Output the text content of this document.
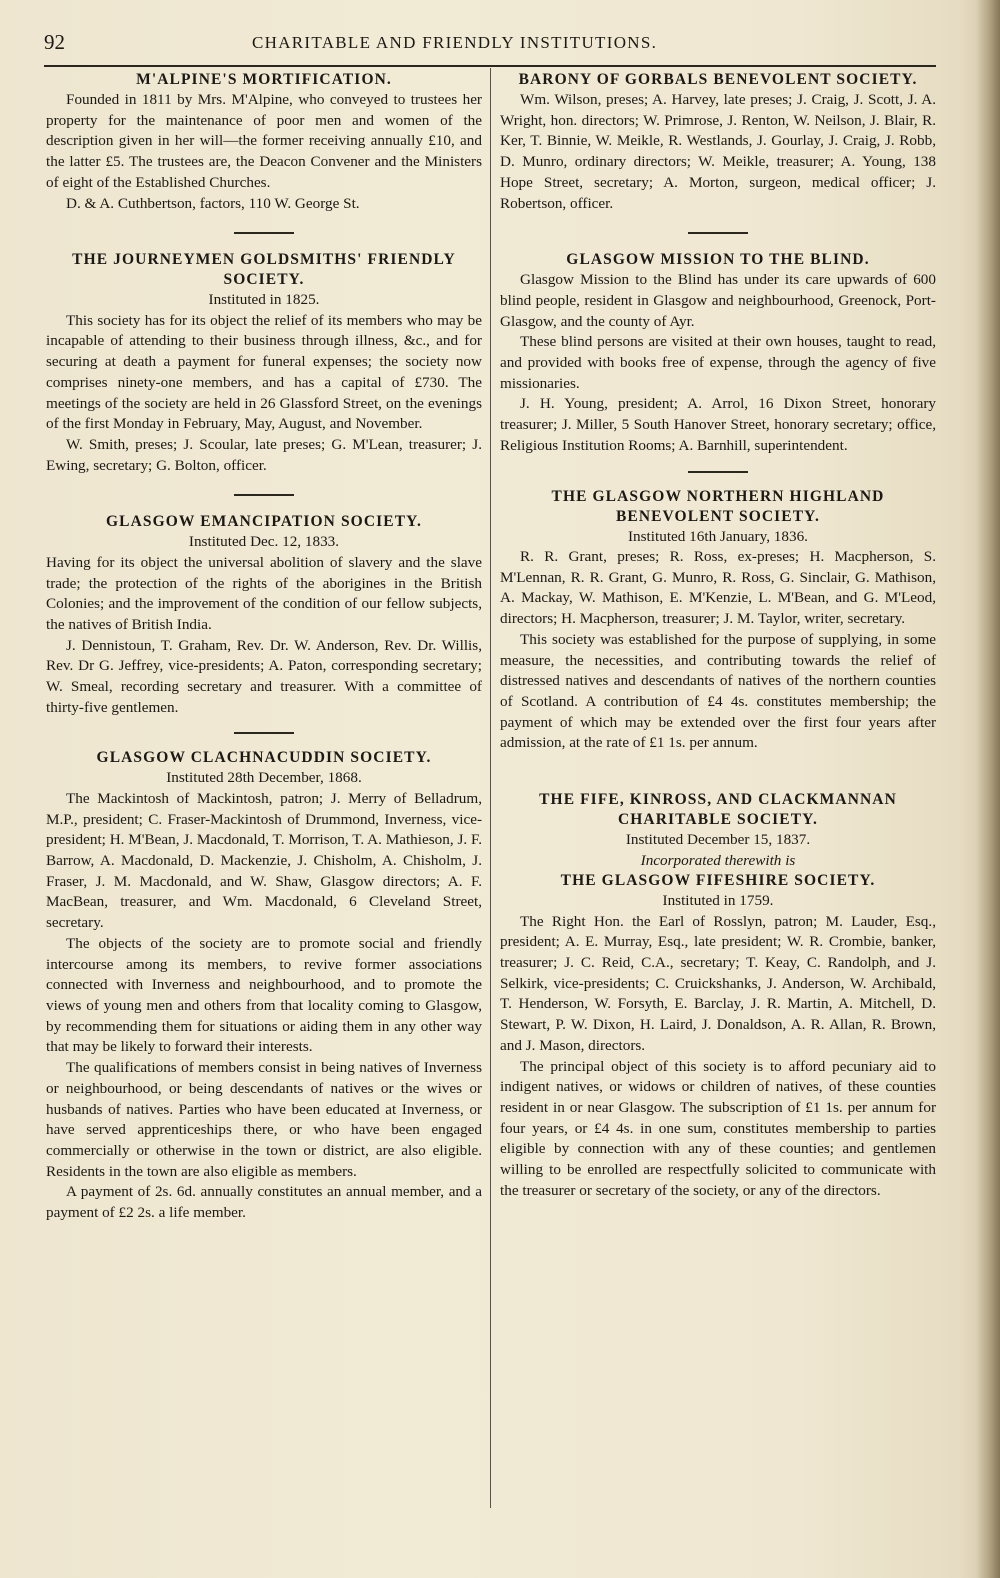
92	CHARITABLE AND FRIENDLY INSTITUTIONS.
M'ALPINE'S MORTIFICATION.

Founded in 1811 by Mrs. M'Alpine, who conveyed to trustees her property for the maintenance of poor men and women of the description given in her will—the former receiving annually £10, and the latter £5. The trustees are, the Deacon Convener and the Ministers of eight of the Established Churches.

D. & A. Cuthbertson, factors, 110 W. George St.

THE JOURNEYMEN GOLDSMITHS' FRIENDLY SOCIETY.
Instituted in 1825.

This society has for its object the relief of its members who may be incapable of attending to their business through illness, &c., and for securing at death a payment for funeral expenses; the society now comprises ninety-one members, and has a capital of £730. The meetings of the society are held in 26 Glassford Street, on the evenings of the first Monday in February, May, August, and November.

W. Smith, preses; J. Scoular, late preses; G. M'Lean, treasurer; J. Ewing, secretary; G. Bolton, officer.

GLASGOW EMANCIPATION SOCIETY.
Instituted Dec. 12, 1833.

Having for its object the universal abolition of slavery and the slave trade; the protection of the rights of the aborigines in the British Colonies; and the improvement of the condition of our fellow subjects, the natives of British India.

J. Dennistoun, T. Graham, Rev. Dr. W. Anderson, Rev. Dr. Willis, Rev. Dr G. Jeffrey, vice-presidents; A. Paton, corresponding secretary; W. Smeal, recording secretary and treasurer. With a committee of thirty-five gentlemen.

GLASGOW CLACHNACUDDIN SOCIETY.
Instituted 28th December, 1868.

The Mackintosh of Mackintosh, patron; J. Merry of Belladrum, M.P., president; C. Fraser-Mackintosh of Drummond, Inverness, vice-president; H. M'Bean, J. Macdonald, T. Morrison, T. A. Mathieson, J. F. Barrow, A. Macdonald, D. Mackenzie, J. Chisholm, A. Chisholm, J. Fraser, J. M. Macdonald, and W. Shaw, Glasgow directors; A. F. MacBean, treasurer, and Wm. Macdonald, 6 Cleveland Street, secretary.

The objects of the society are to promote social and friendly intercourse among its members, to revive former associations connected with Inverness and neighbourhood, and to promote the views of young men and others from that locality coming to Glasgow, by recommending them for situations or aiding them in any other way that may be likely to forward their interests.

The qualifications of members consist in being natives of Inverness or neighbourhood, or being descendants of natives or the wives or husbands of natives. Parties who have been educated at Inverness, or have served apprenticeships there, or who have been engaged commercially or otherwise in the town or district, are also eligible. Residents in the town are also eligible as members.

A payment of 2s. 6d. annually constitutes an annual member, and a payment of £2 2s. a life member.

BARONY OF GORBALS BENEVOLENT SOCIETY.

Wm. Wilson, preses; A. Harvey, late preses; J. Craig, J. Scott, J. A. Wright, hon. directors; W. Primrose, J. Renton, W. Neilson, J. Blair, R. Ker, T. Binnie, W. Meikle, R. Westlands, J. Gourlay, J. Craig, J. Robb, D. Munro, ordinary directors; W. Meikle, treasurer; A. Young, 138 Hope Street, secretary; A. Morton, surgeon, medical officer; J. Robertson, officer.

GLASGOW MISSION TO THE BLIND.

Glasgow Mission to the Blind has under its care upwards of 600 blind people, resident in Glasgow and neighbourhood, Greenock, Port-Glasgow, and the county of Ayr.

These blind persons are visited at their own houses, taught to read, and provided with books free of expense, through the agency of five missionaries.

J. H. Young, president; A. Arrol, 16 Dixon Street, honorary treasurer; J. Miller, 5 South Hanover Street, honorary secretary; office, Religious Institution Rooms; A. Barnhill, superintendent.

THE GLASGOW NORTHERN HIGHLAND BENEVOLENT SOCIETY.
Instituted 16th January, 1836.

R. R. Grant, preses; R. Ross, ex-preses; H. Macpherson, S. M'Lennan, R. R. Grant, G. Munro, R. Ross, G. Sinclair, G. Mathison, A. Mackay, W. Mathison, E. M'Kenzie, L. M'Bean, and G. M'Leod, directors; H. Macpherson, treasurer; J. M. Taylor, writer, secretary.

This society was established for the purpose of supplying, in some measure, the necessities, and contributing towards the relief of distressed natives and descendants of natives of the northern counties of Scotland. A contribution of £4 4s. constitutes membership; the payment of which may be extended over the first four years after admission, at the rate of £1 1s. per annum.

THE FIFE, KINROSS, AND CLACKMANNAN CHARITABLE SOCIETY.
Instituted December 15, 1837.
Incorporated therewith is
THE GLASGOW FIFESHIRE SOCIETY.
Instituted in 1759.

The Right Hon. the Earl of Rosslyn, patron; M. Lauder, Esq., president; A. E. Murray, Esq., late president; W. R. Crombie, banker, treasurer; J. C. Reid, C.A., secretary; T. Keay, C. Randolph, and J. Selkirk, vice-presidents; C. Cruickshanks, J. Anderson, W. Archibald, T. Henderson, W. Forsyth, E. Barclay, J. R. Martin, A. Mitchell, D. Stewart, P. W. Dixon, H. Laird, J. Donaldson, A. R. Allan, R. Brown, and J. Mason, directors.

The principal object of this society is to afford pecuniary aid to indigent natives, or widows or children of natives, of these counties resident in or near Glasgow. The subscription of £1 1s. per annum for four years, or £4 4s. in one sum, constitutes membership to parties eligible by connection with any of these counties; and gentlemen willing to be enrolled are respectfully solicited to communicate with the treasurer or secretary of the society, or any of the directors.
